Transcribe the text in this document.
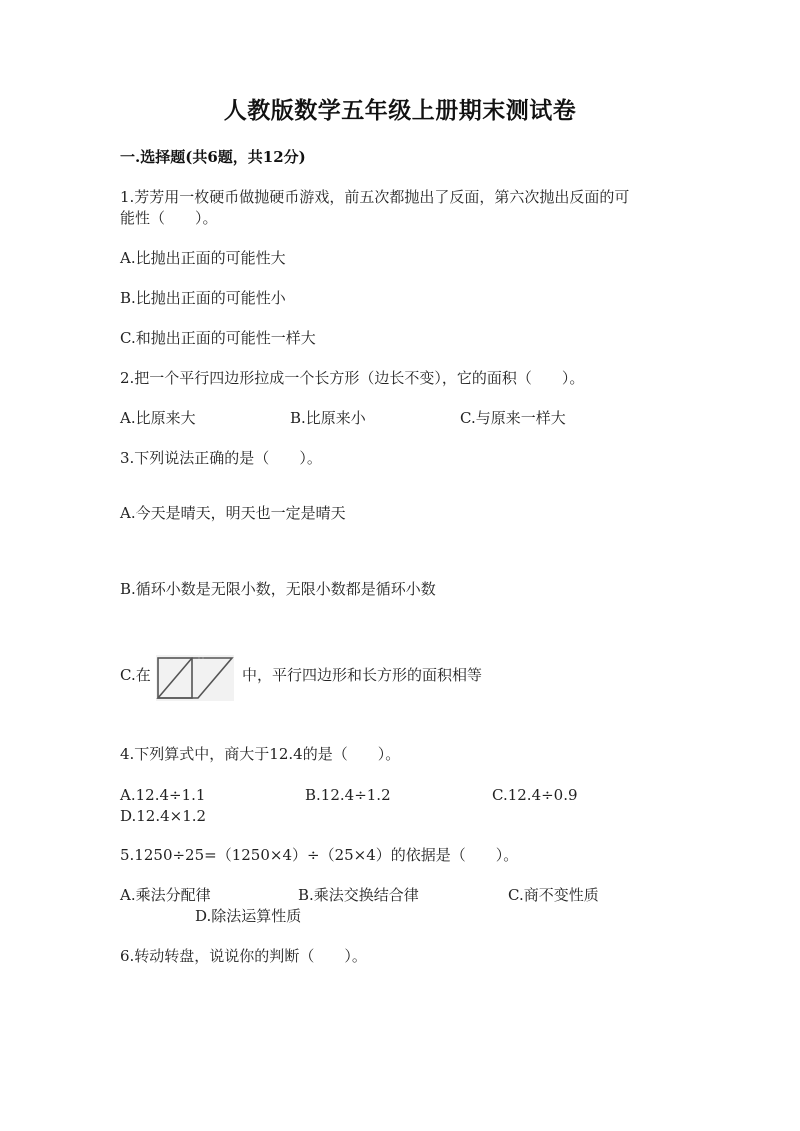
人教版数学五年级上册期末测试卷
一.选择题(共6题，共12分)
1.芳芳用一枚硬币做抛硬币游戏，前五次都抛出了反面，第六次抛出反面的可
能性（　　）。
A.比抛出正面的可能性大
B.比抛出正面的可能性小
C.和抛出正面的可能性一样大
2.把一个平行四边形拉成一个长方形（边长不变），它的面积（　　）。
A.比原来大	B.比原来小	C.与原来一样大
3.下列说法正确的是（　　）。
A.今天是晴天，明天也一定是晴天
B.循环小数是无限小数，无限小数都是循环小数
C.在	中，平行四边形和长方形的面积相等
4.下列算式中，商大于12.4的是（　　）。
A.12.4÷1.1	B.12.4÷1.2	C.12.4÷0.9
D.12.4×1.2
5.1250÷25=（1250×4）÷（25×4）的依据是（　　）。
A.乘法分配律	B.乘法交换结合律	C.商不变性质
D.除法运算性质
6.转动转盘，说说你的判断（　　）。
